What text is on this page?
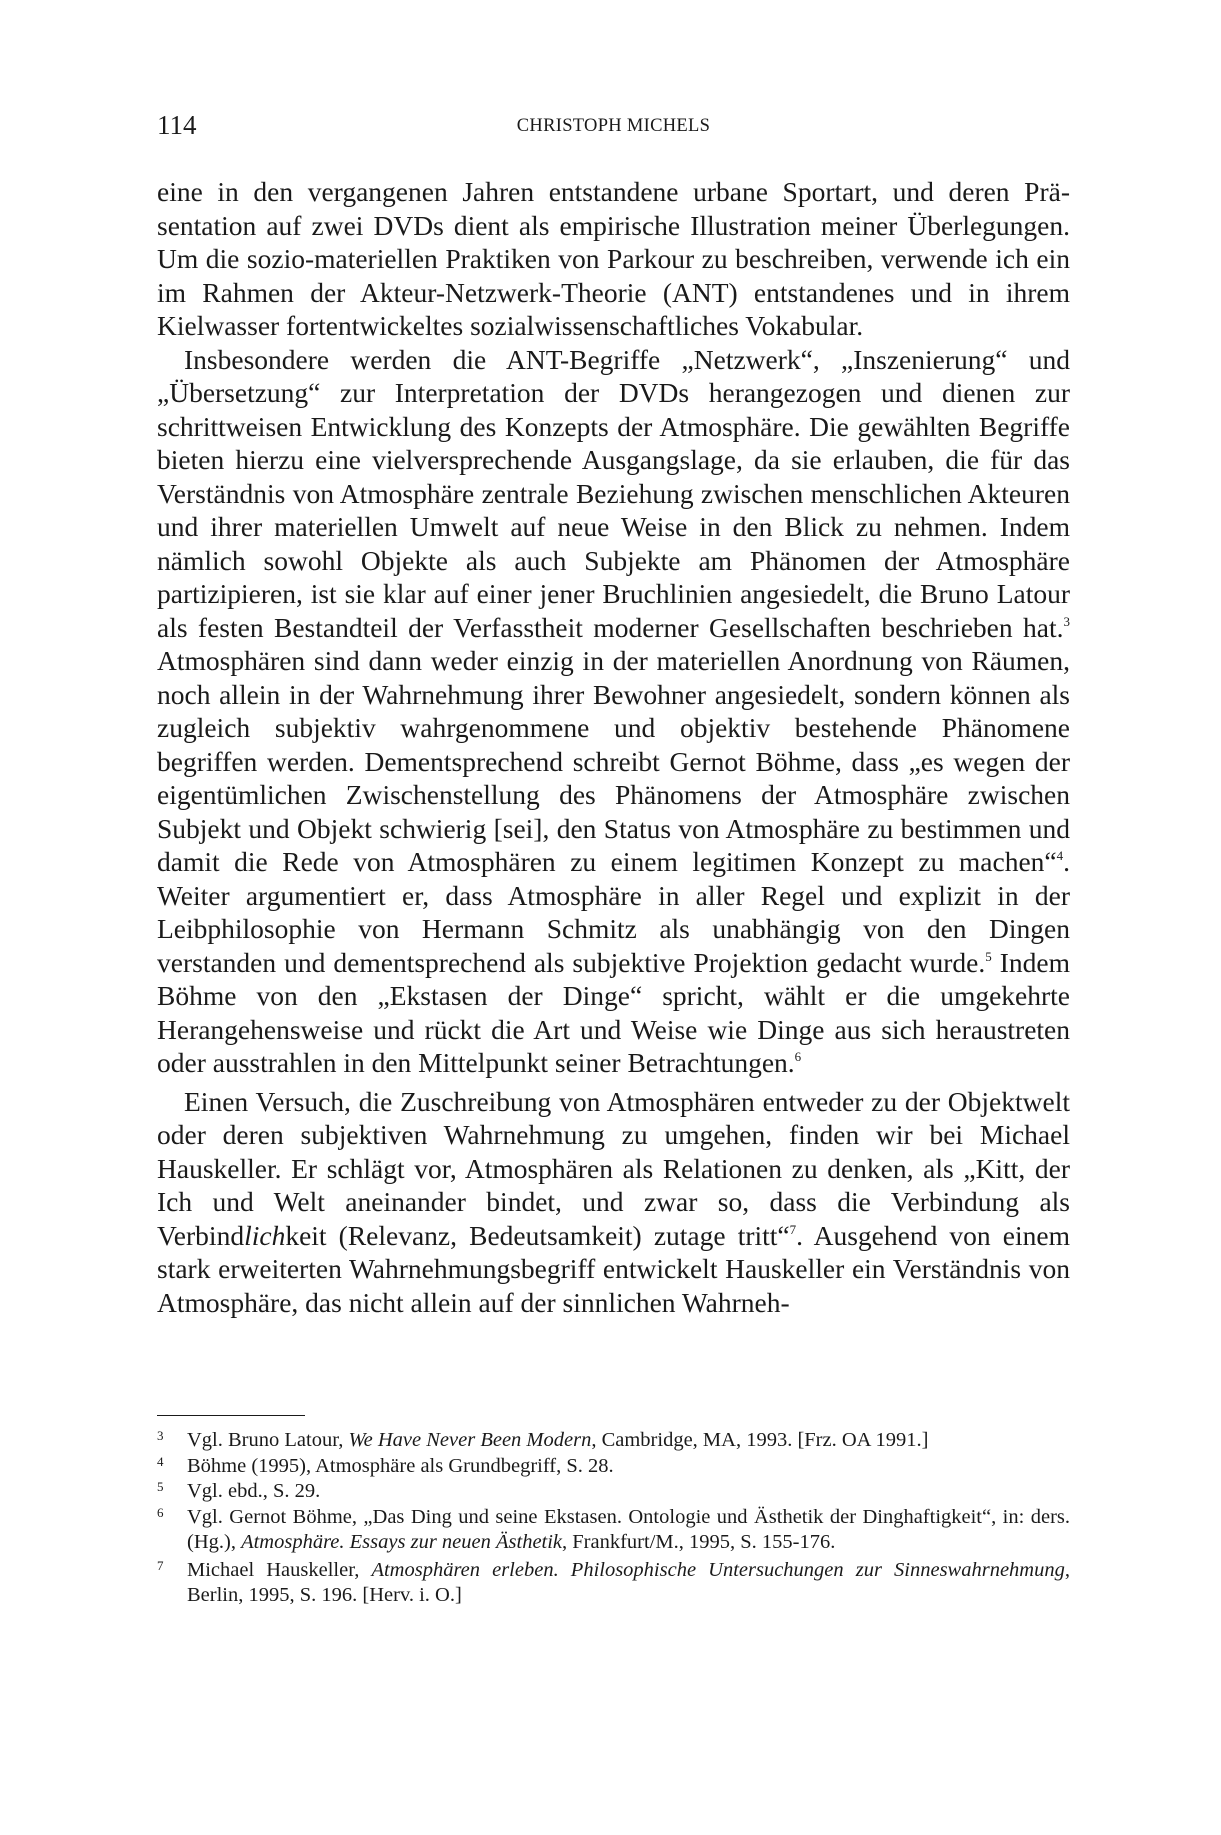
114	CHRISTOPH MICHELS

eine in den vergangenen Jahren entstandene urbane Sportart, und deren Präsentation auf zwei DVDs dient als empirische Illustration meiner Überlegungen. Um die sozio-materiellen Praktiken von Parkour zu beschreiben, verwende ich ein im Rahmen der Akteur-Netzwerk-Theorie (ANT) entstandenes und in ihrem Kielwasser fortentwickeltes sozialwissenschaftliches Vokabular.

Insbesondere werden die ANT-Begriffe „Netzwerk“, „Inszenierung“ und „Übersetzung“ zur Interpretation der DVDs herangezogen und dienen zur schrittweisen Entwicklung des Konzepts der Atmosphäre. Die gewählten Begriffe bieten hierzu eine vielversprechende Ausgangslage, da sie erlauben, die für das Verständnis von Atmosphäre zentrale Beziehung zwischen menschlichen Akteuren und ihrer materiellen Umwelt auf neue Weise in den Blick zu nehmen. Indem nämlich sowohl Objekte als auch Subjekte am Phänomen der Atmosphäre partizipieren, ist sie klar auf einer jener Bruchlinien angesiedelt, die Bruno Latour als festen Bestandteil der Verfasstheit moderner Gesellschaften beschrieben hat.$^3$ Atmosphären sind dann weder einzig in der materiellen Anordnung von Räumen, noch allein in der Wahrnehmung ihrer Bewohner angesiedelt, sondern können als zugleich subjektiv wahrgenommene und objektiv bestehende Phänomene begriffen werden. Dementsprechend schreibt Gernot Böhme, dass „es wegen der eigentümlichen Zwischenstellung des Phänomens der Atmosphäre zwischen Subjekt und Objekt schwierig [sei], den Status von Atmosphäre zu bestimmen und damit die Rede von Atmosphären zu einem legitimen Konzept zu machen“$^4$. Weiter argumentiert er, dass Atmosphäre in aller Regel und explizit in der Leibphilosophie von Hermann Schmitz als unabhängig von den Dingen verstanden und dementsprechend als subjektive Projektion gedacht wurde.$^5$ Indem Böhme von den „Ekstasen der Dinge“ spricht, wählt er die umgekehrte Herangehensweise und rückt die Art und Weise wie Dinge aus sich heraustreten oder ausstrahlen in den Mittelpunkt seiner Betrachtungen.$^6$

Einen Versuch, die Zuschreibung von Atmosphären entweder zu der Objektwelt oder deren subjektiven Wahrnehmung zu umgehen, finden wir bei Michael Hauskeller. Er schlägt vor, Atmosphären als Relationen zu denken, als „Kitt, der Ich und Welt aneinander bindet, und zwar so, dass die Verbindung als Verbindlichkeit (Relevanz, Bedeutsamkeit) zutage tritt“$^7$. Ausgehend von einem stark erweiterten Wahrnehmungsbegriff entwickelt Hauskeller ein Verständnis von Atmosphäre, das nicht allein auf der sinnlichen Wahrneh-

3 Vgl. Bruno Latour, We Have Never Been Modern, Cambridge, MA, 1993. [Frz. OA 1991.]
4 Böhme (1995), Atmosphäre als Grundbegriff, S. 28.
5 Vgl. ebd., S. 29.
6 Vgl. Gernot Böhme, „Das Ding und seine Ekstasen. Ontologie und Ästhetik der Dinghaftigkeit“, in: ders. (Hg.), Atmosphäre. Essays zur neuen Ästhetik, Frankfurt/M., 1995, S. 155-176.
7 Michael Hauskeller, Atmosphären erleben. Philosophische Untersuchungen zur Sinneswahrnehmung, Berlin, 1995, S. 196. [Herv. i. O.]
